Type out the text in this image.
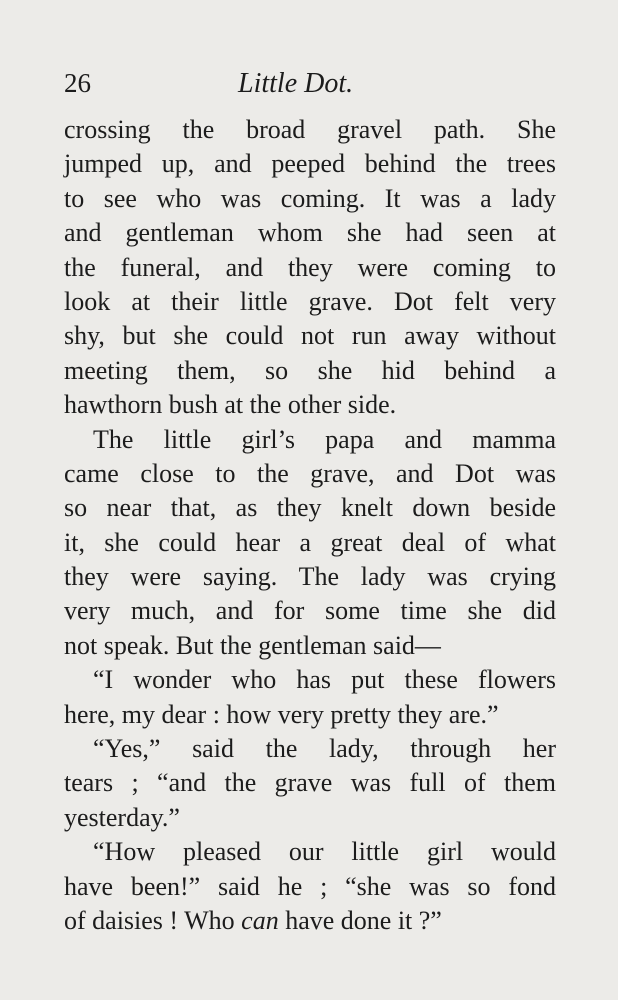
26	Little Dot.
crossing the broad gravel path. She
jumped up, and peeped behind the trees
to see who was coming. It was a lady
and gentleman whom she had seen at
the funeral, and they were coming to
look at their little grave. Dot felt very
shy, but she could not run away without
meeting them, so she hid behind a
hawthorn bush at the other side.
The little girl’s papa and mamma
came close to the grave, and Dot was
so near that, as they knelt down beside
it, she could hear a great deal of what
they were saying. The lady was crying
very much, and for some time she did
not speak. But the gentleman said—
“I wonder who has put these flowers
here, my dear : how very pretty they are.”
“Yes,” said the lady, through her
tears ; “and the grave was full of them
yesterday.”
“How pleased our little girl would
have been!” said he ; “she was so fond
of daisies ! Who can have done it ?”
